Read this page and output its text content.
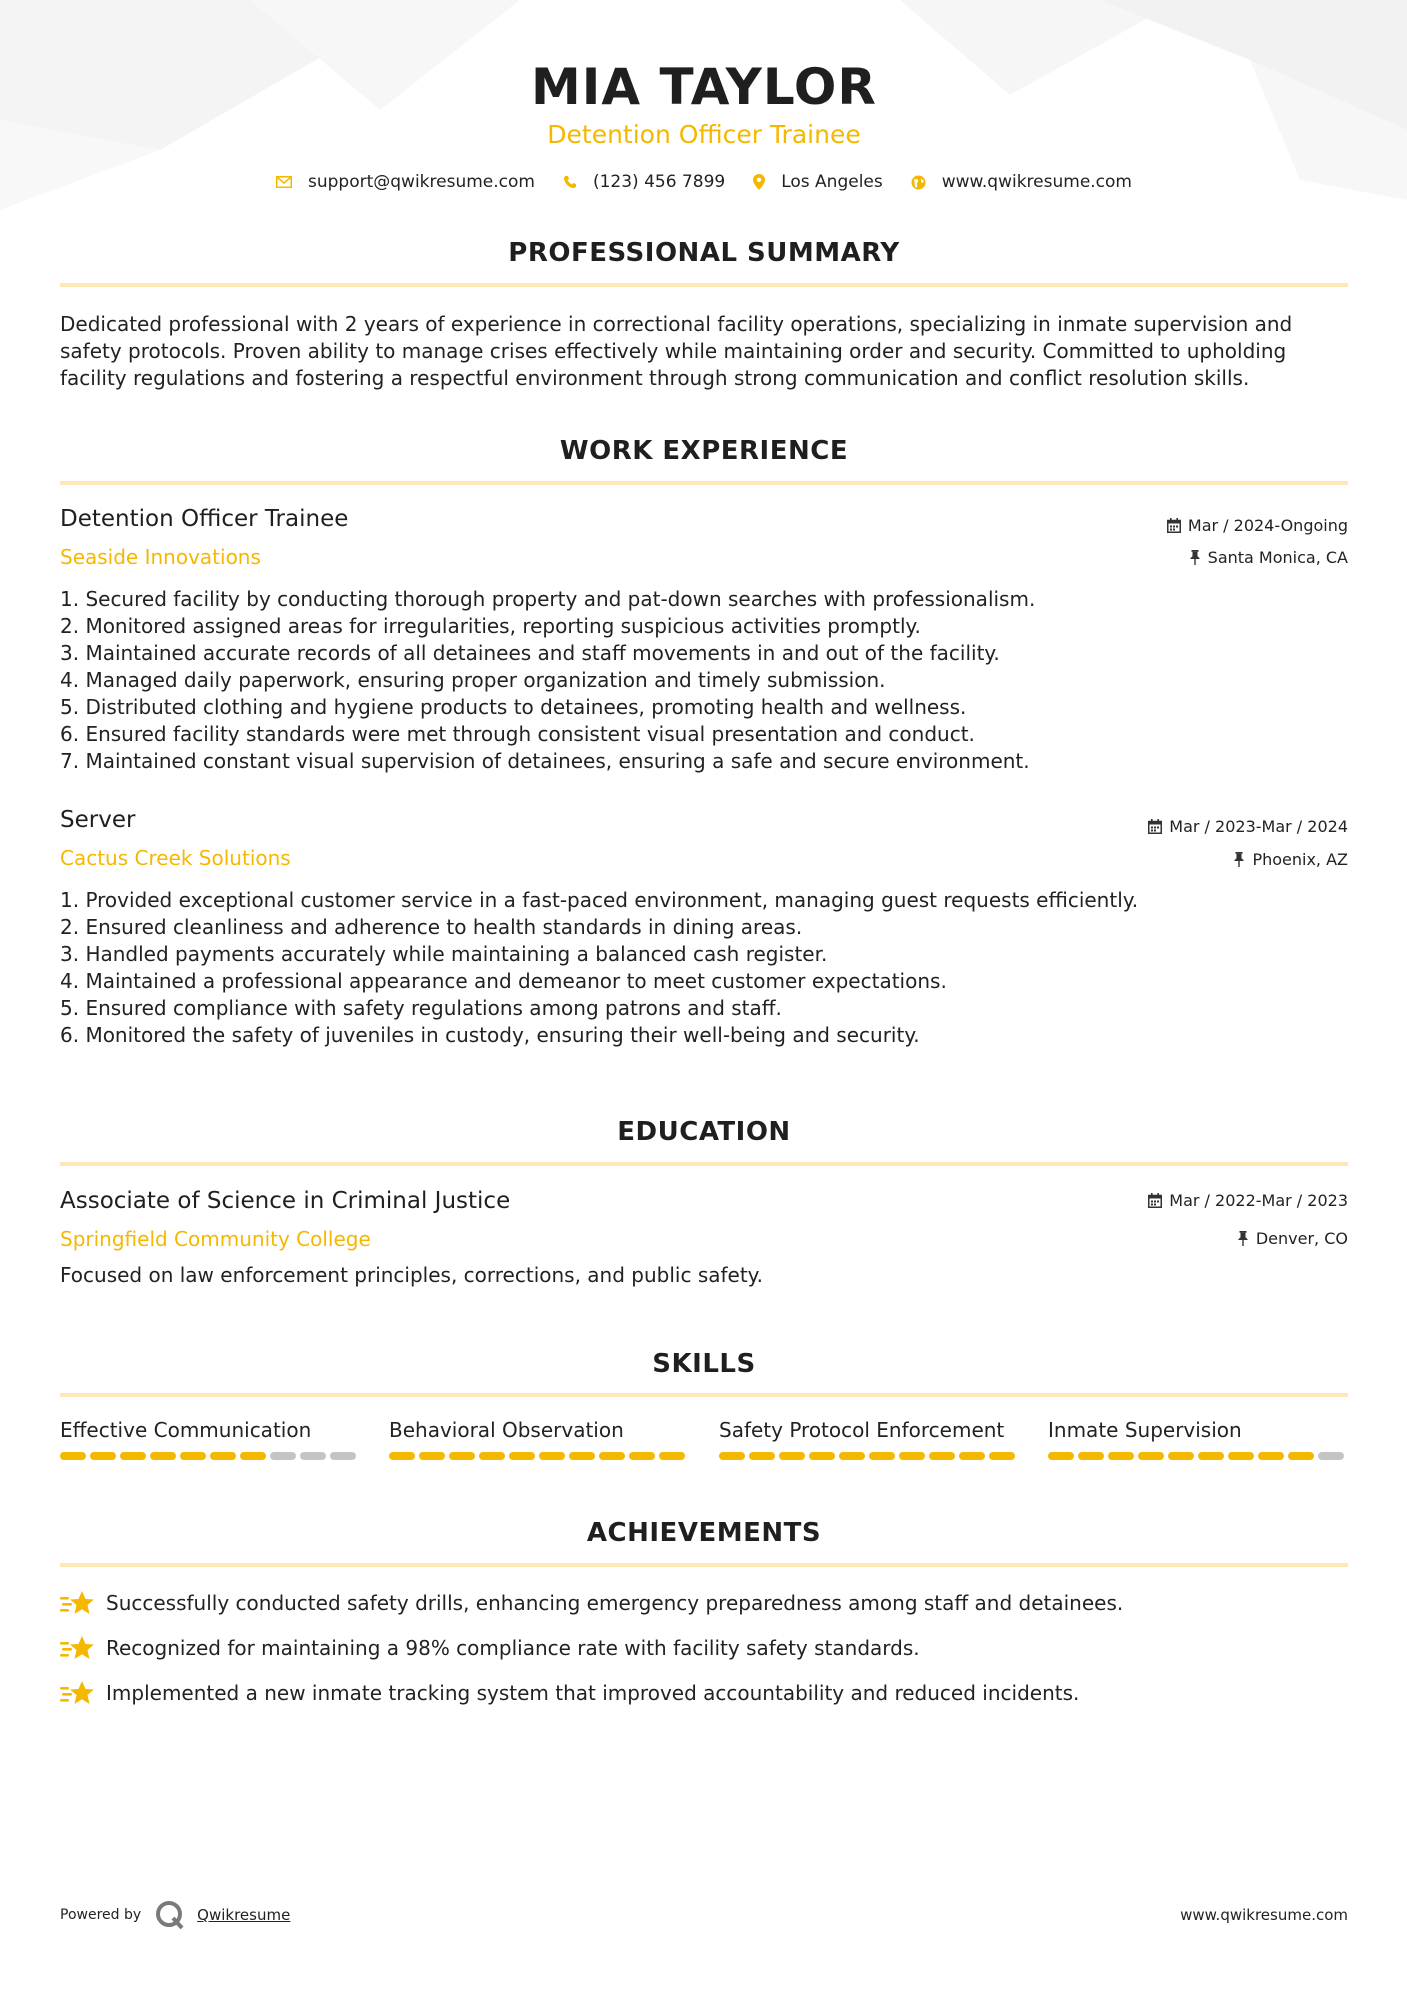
MIA TAYLOR
Detention Officer Trainee
support@qwikresume.com	(123) 456 7899	Los Angeles	www.qwikresume.com
PROFESSIONAL SUMMARY
Dedicated professional with 2 years of experience in correctional facility operations, specializing in inmate supervision and
safety protocols. Proven ability to manage crises effectively while maintaining order and security. Committed to upholding
facility regulations and fostering a respectful environment through strong communication and conflict resolution skills.
WORK EXPERIENCE
Detention Officer Trainee	Mar / 2024-Ongoing
Seaside Innovations	Santa Monica, CA
1. Secured facility by conducting thorough property and pat-down searches with professionalism.
2. Monitored assigned areas for irregularities, reporting suspicious activities promptly.
3. Maintained accurate records of all detainees and staff movements in and out of the facility.
4. Managed daily paperwork, ensuring proper organization and timely submission.
5. Distributed clothing and hygiene products to detainees, promoting health and wellness.
6. Ensured facility standards were met through consistent visual presentation and conduct.
7. Maintained constant visual supervision of detainees, ensuring a safe and secure environment.
Server	Mar / 2023-Mar / 2024
Cactus Creek Solutions	Phoenix, AZ
1. Provided exceptional customer service in a fast-paced environment, managing guest requests efficiently.
2. Ensured cleanliness and adherence to health standards in dining areas.
3. Handled payments accurately while maintaining a balanced cash register.
4. Maintained a professional appearance and demeanor to meet customer expectations.
5. Ensured compliance with safety regulations among patrons and staff.
6. Monitored the safety of juveniles in custody, ensuring their well-being and security.
EDUCATION
Associate of Science in Criminal Justice	Mar / 2022-Mar / 2023
Springfield Community College	Denver, CO
Focused on law enforcement principles, corrections, and public safety.
SKILLS
Effective Communication	Behavioral Observation	Safety Protocol Enforcement	Inmate Supervision
ACHIEVEMENTS
Successfully conducted safety drills, enhancing emergency preparedness among staff and detainees.
Recognized for maintaining a 98% compliance rate with facility safety standards.
Implemented a new inmate tracking system that improved accountability and reduced incidents.
Powered by	Qwikresume	www.qwikresume.com
